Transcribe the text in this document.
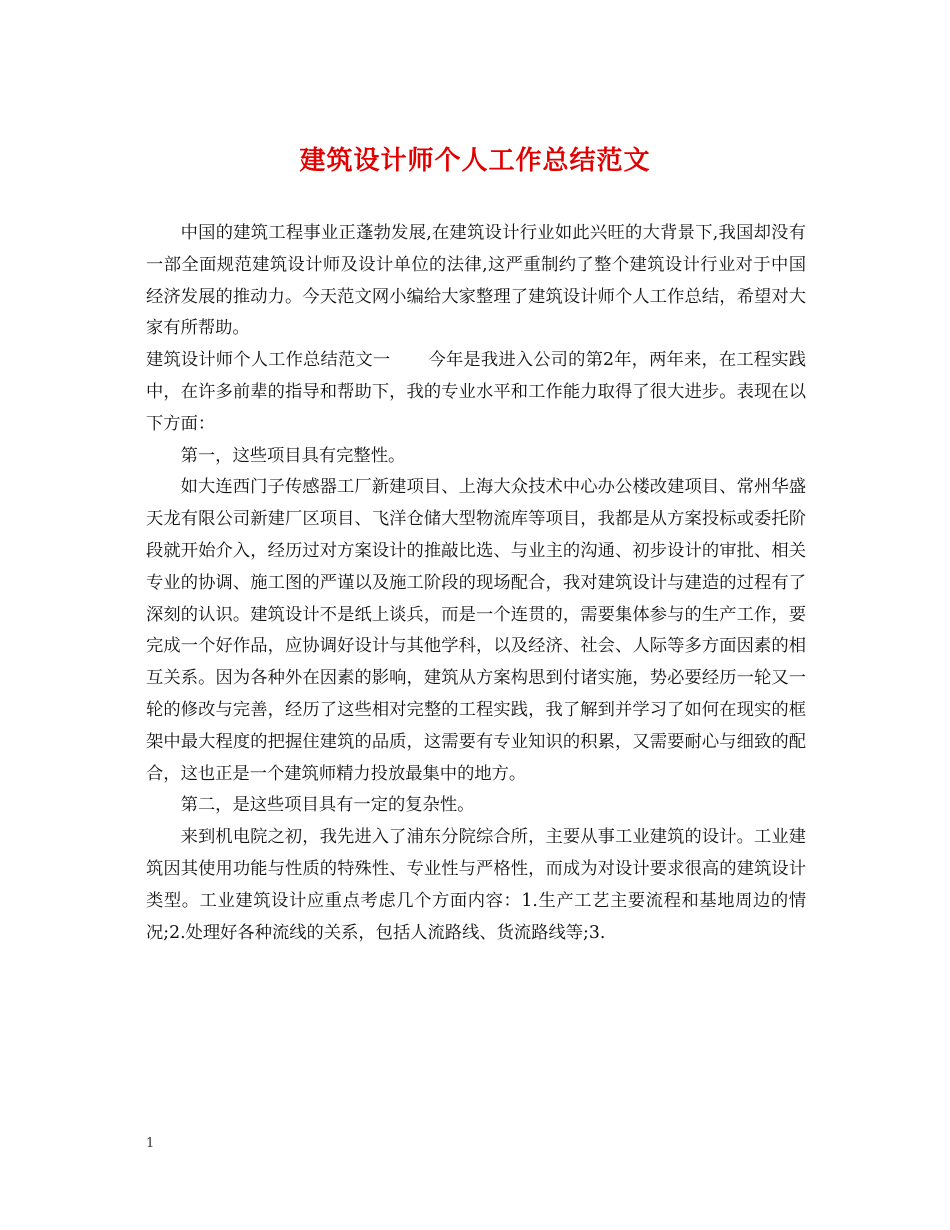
建筑设计师个人工作总结范文

中国的建筑工程事业正蓬勃发展,在建筑设计行业如此兴旺的大背景下,我国却没有一部全面规范建筑设计师及设计单位的法律,这严重制约了整个建筑设计行业对于中国经济发展的推动力。今天范文网小编给大家整理了建筑设计师个人工作总结，希望对大家有所帮助。

建筑设计师个人工作总结范文一 今年是我进入公司的第2年，两年来，在工程实践中，在许多前辈的指导和帮助下，我的专业水平和工作能力取得了很大进步。表现在以下方面：

第一，这些项目具有完整性。

如大连西门子传感器工厂新建项目、上海大众技术中心办公楼改建项目、常州华盛天龙有限公司新建厂区项目、飞洋仓储大型物流库等项目，我都是从方案投标或委托阶段就开始介入，经历过对方案设计的推敲比选、与业主的沟通、初步设计的审批、相关专业的协调、施工图的严谨以及施工阶段的现场配合，我对建筑设计与建造的过程有了深刻的认识。建筑设计不是纸上谈兵，而是一个连贯的，需要集体参与的生产工作，要完成一个好作品，应协调好设计与其他学科，以及经济、社会、人际等多方面因素的相互关系。因为各种外在因素的影响，建筑从方案构思到付诸实施，势必要经历一轮又一轮的修改与完善，经历了这些相对完整的工程实践，我了解到并学习了如何在现实的框架中最大程度的把握住建筑的品质，这需要有专业知识的积累，又需要耐心与细致的配合，这也正是一个建筑师精力投放最集中的地方。

第二，是这些项目具有一定的复杂性。

来到机电院之初，我先进入了浦东分院综合所，主要从事工业建筑的设计。工业建筑因其使用功能与性质的特殊性、专业性与严格性，而成为对设计要求很高的建筑设计类型。工业建筑设计应重点考虑几个方面内容：1.生产工艺主要流程和基地周边的情况;2.处理好各种流线的关系，包括人流路线、货流路线等;3.

1
